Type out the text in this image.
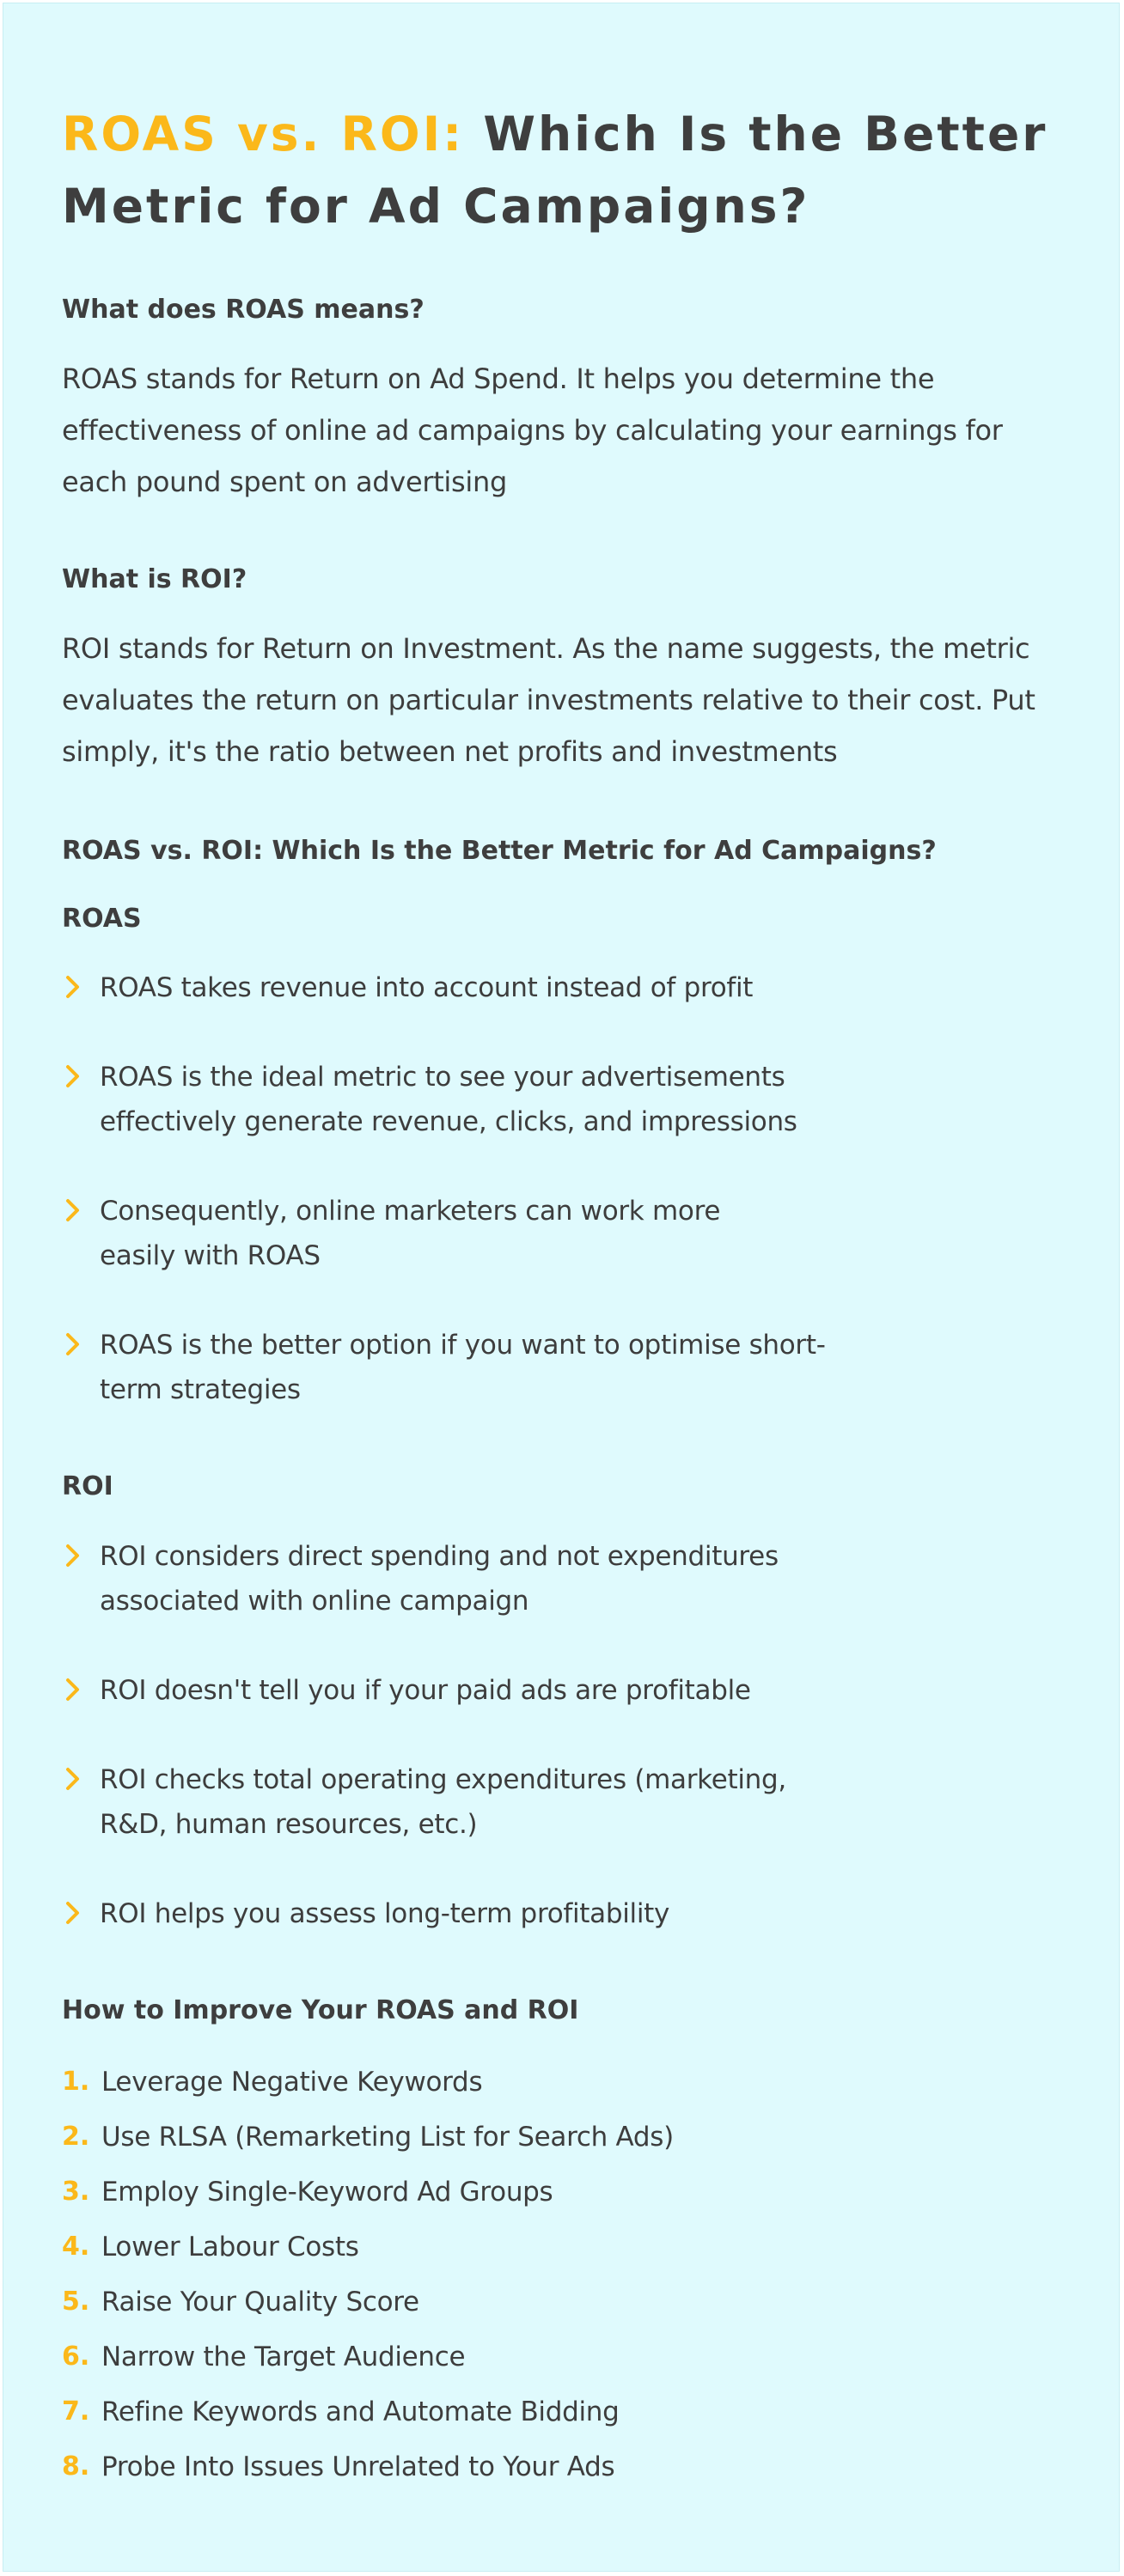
ROAS vs. ROI: Which Is the Better Metric for Ad Campaigns?
What does ROAS means?

ROAS stands for Return on Ad Spend. It helps you determine the effectiveness of online ad campaigns by calculating your earnings for each pound spent on advertising

What is ROI?

ROI stands for Return on Investment. As the name suggests, the metric evaluates the return on particular investments relative to their cost. Put simply, it's the ratio between net profits and investments

ROAS vs. ROI: Which Is the Better Metric for Ad Campaigns?
ROAS

ROAS takes revenue into account instead of profit

ROAS is the ideal metric to see your advertisements effectively generate revenue, clicks, and impressions

Consequently, online marketers can work more easily with ROAS

ROAS is the better option if you want to optimise short-term strategies

ROI

ROI considers direct spending and not expenditures associated with online campaign

ROI doesn't tell you if your paid ads are profitable

ROI checks total operating expenditures (marketing, R&D, human resources, etc.)

ROI helps you assess long-term profitability

How to Improve Your ROAS and ROI
1. Leverage Negative Keywords
2. Use RLSA (Remarketing List for Search Ads)
3. Employ Single-Keyword Ad Groups
4. Lower Labour Costs
5. Raise Your Quality Score
6. Narrow the Target Audience
7. Refine Keywords and Automate Bidding
8. Probe Into Issues Unrelated to Your Ads
